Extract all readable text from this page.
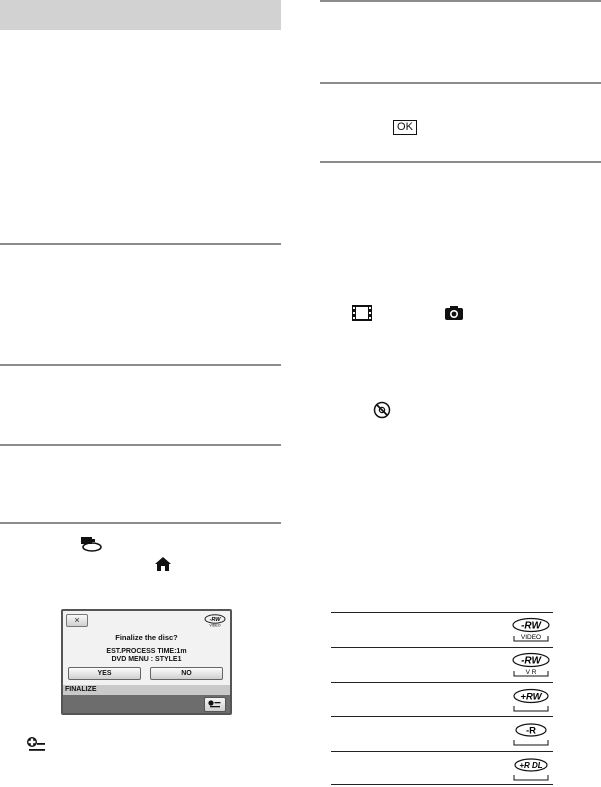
×	-RW
VIDEO
Finalize the disc?
EST.PROCESS TIME:1m
DVD MENU : STYLE1
YES	NO
FINALIZE
OK
-RW
VIDEO
-RW
V R
+RW
-R
+R DL
